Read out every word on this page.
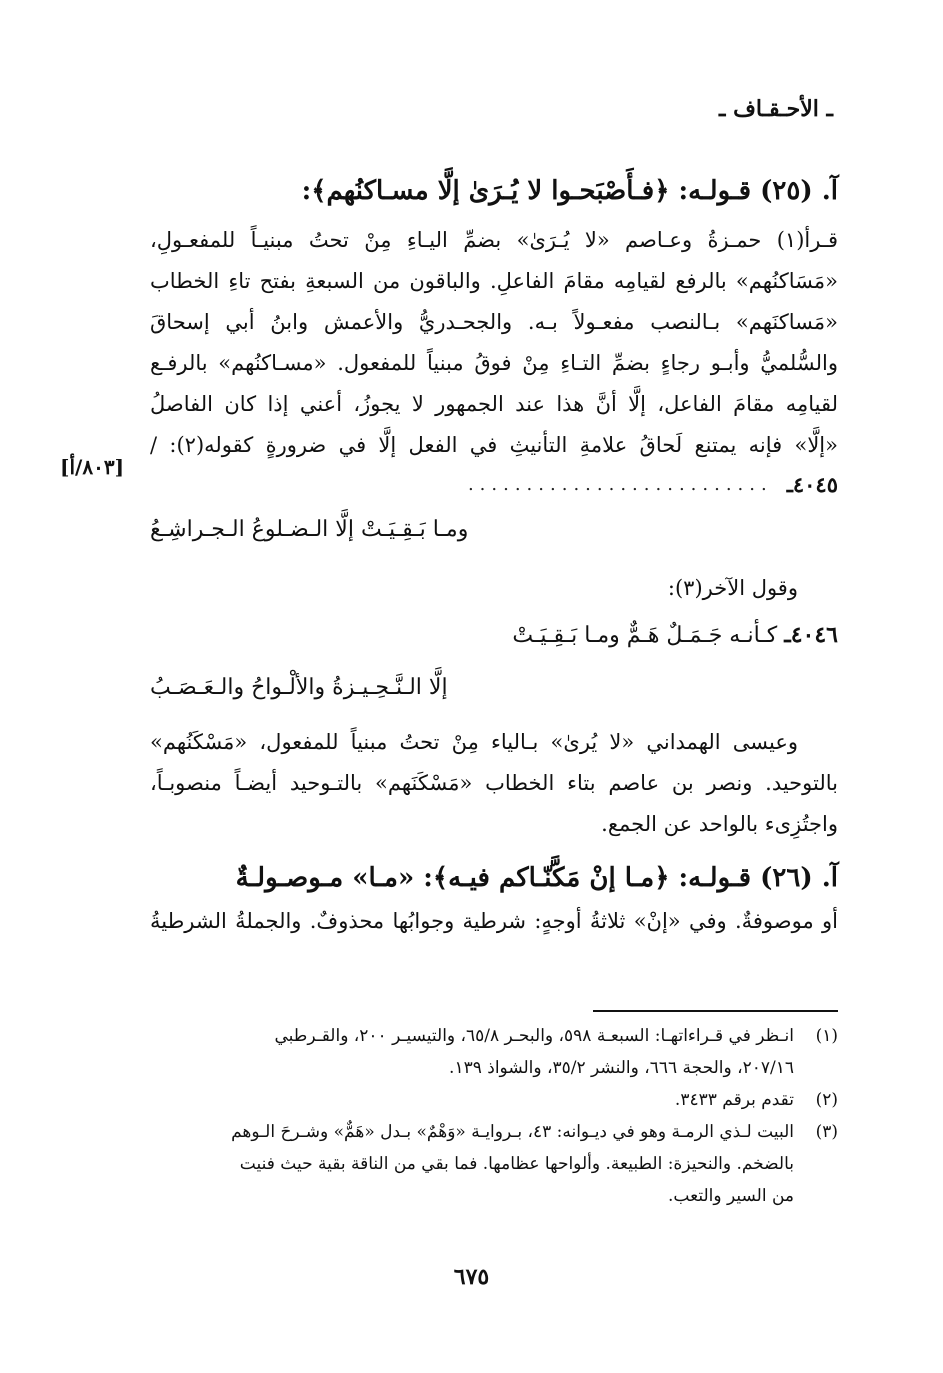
ـ الأحـقـاف ـ
[٨٠٣/أ]
آ. (٢٥) قـولـه: ﴿فـأَصْبَحـوا لا يُـرَىٰ إلَّا مسـاكنُهم﴾:

قـرأ(١) حمـزةُ وعـاصم «لا يُـرَىٰ» بضمِّ اليـاءِ مِنْ تحتُ مبنيـاً للمفعـولِ،

«مَسَاكنُهم» بالرفع لقيامِه مقامَ الفاعلِ. والباقون من السبعةِ بفتح تاءِ الخطاب

«مَساكنَهم» بـالنصب مفعـولاً بـه. والجحـدريُّ والأعمش وابنُ أبي إسحاقَ

والسُّلميُّ وأبـو رجاءٍ بضمِّ التـاءِ مِنْ فوقُ مبنياً للمفعول. «مسـاكنُهم» بالرفـع

لقيامِه مقامَ الفاعل، إلَّا أنَّ هذا عند الجمهور لا يجوزُ، أعني إذا كان الفاصلُ

«إلَّا» فإنه يمتنع لَحاقُ علامةِ التأنيثِ في الفعل إلَّا في ضرورةٍ كقوله(٢): /

٤٠٤٥ـ
..........................
ومـا بَـقِـيَـتْ إلَّا الـضـلوعُ الـجـراشِـعُ

وقول الآخر(٣):

٤٠٤٦ـ كـأنـه جَـمَـلٌ هَـمٌّ ومـا بَـقِـيَـتْ
إلَّا الـنَّـحِـيـزةُ والألْـواحُ والـعَـصَـبُ

وعيسى الهمداني «لا يُرىٰ» بـالياء مِنْ تحتُ مبنياً للمفعول، «مَسْكَنُهم»

بالتوحيد. ونصر بن عاصم بتاء الخطاب «مَسْكَنَهم» بالتـوحيد أيضـاً منصوبـاً،

واجتُزِىء بالواحد عن الجمع.

آ. (٢٦) قـولـه: ﴿مـا إنْ مَكَّنّـاكم فيـه﴾: «مـا» مـوصـولـةٌ

أو موصوفةٌ. وفي «إنْ» ثلاثةُ أوجهٍ: شرطية وجوابُها محذوفٌ. والجملةُ الشرطيةُ

(١)
انـظر في قـراءاتهـا: السبعـة ٥٩٨، والبحـر ٦٥/٨، والتيسيـر ٢٠٠، والقـرطبي
٢٠٧/١٦، والحجة ٦٦٦، والنشر ٣٥/٢، والشواذ ١٣٩.
(٢)
تقدم برقم ٣٤٣٣.
(٣)
البيت لـذي الرمـة وهو في ديـوانه: ٤٣، بـروايـة «وَهْمٌ» بـدل «هَمٌّ» وشـرحَ الـوهم
بالضخم. والنحيزة: الطبيعة. وألواحها عظامها. فما بقي من الناقة بقية حيث فنيت
من السير والتعب.
٦٧٥
